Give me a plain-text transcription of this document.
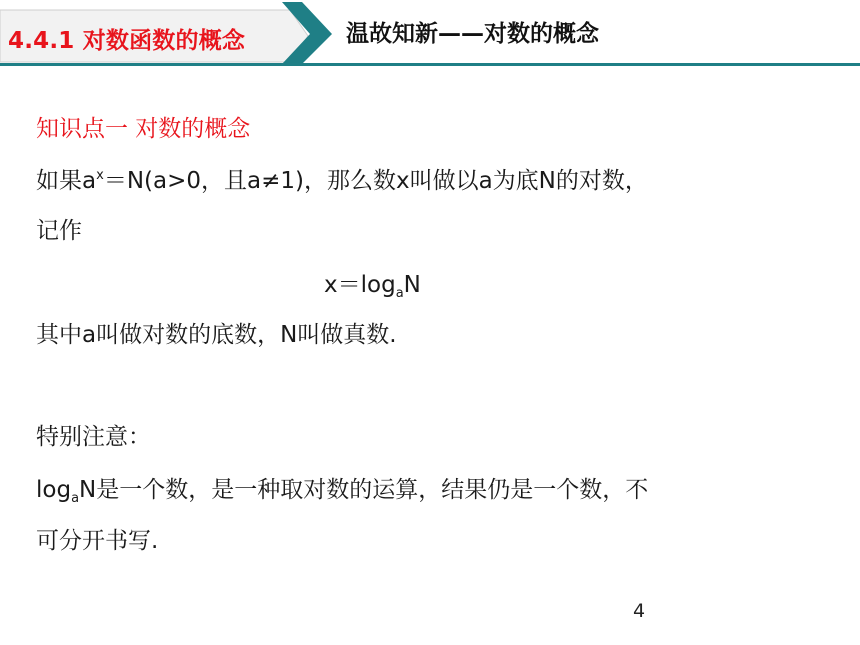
4.4.1 对数函数的概念	温故知新——对数的概念
知识点一 对数的概念
如果$a^x=N(a>0$，且a≠1)，那么数x叫做以a为底N的对数，
记作
$x=\log_aN$
其中a叫做对数的底数，N叫做真数.
特别注意：
$\log_aN$是一个数，是一种取对数的运算，结果仍是一个数，不
可分开书写.
4
